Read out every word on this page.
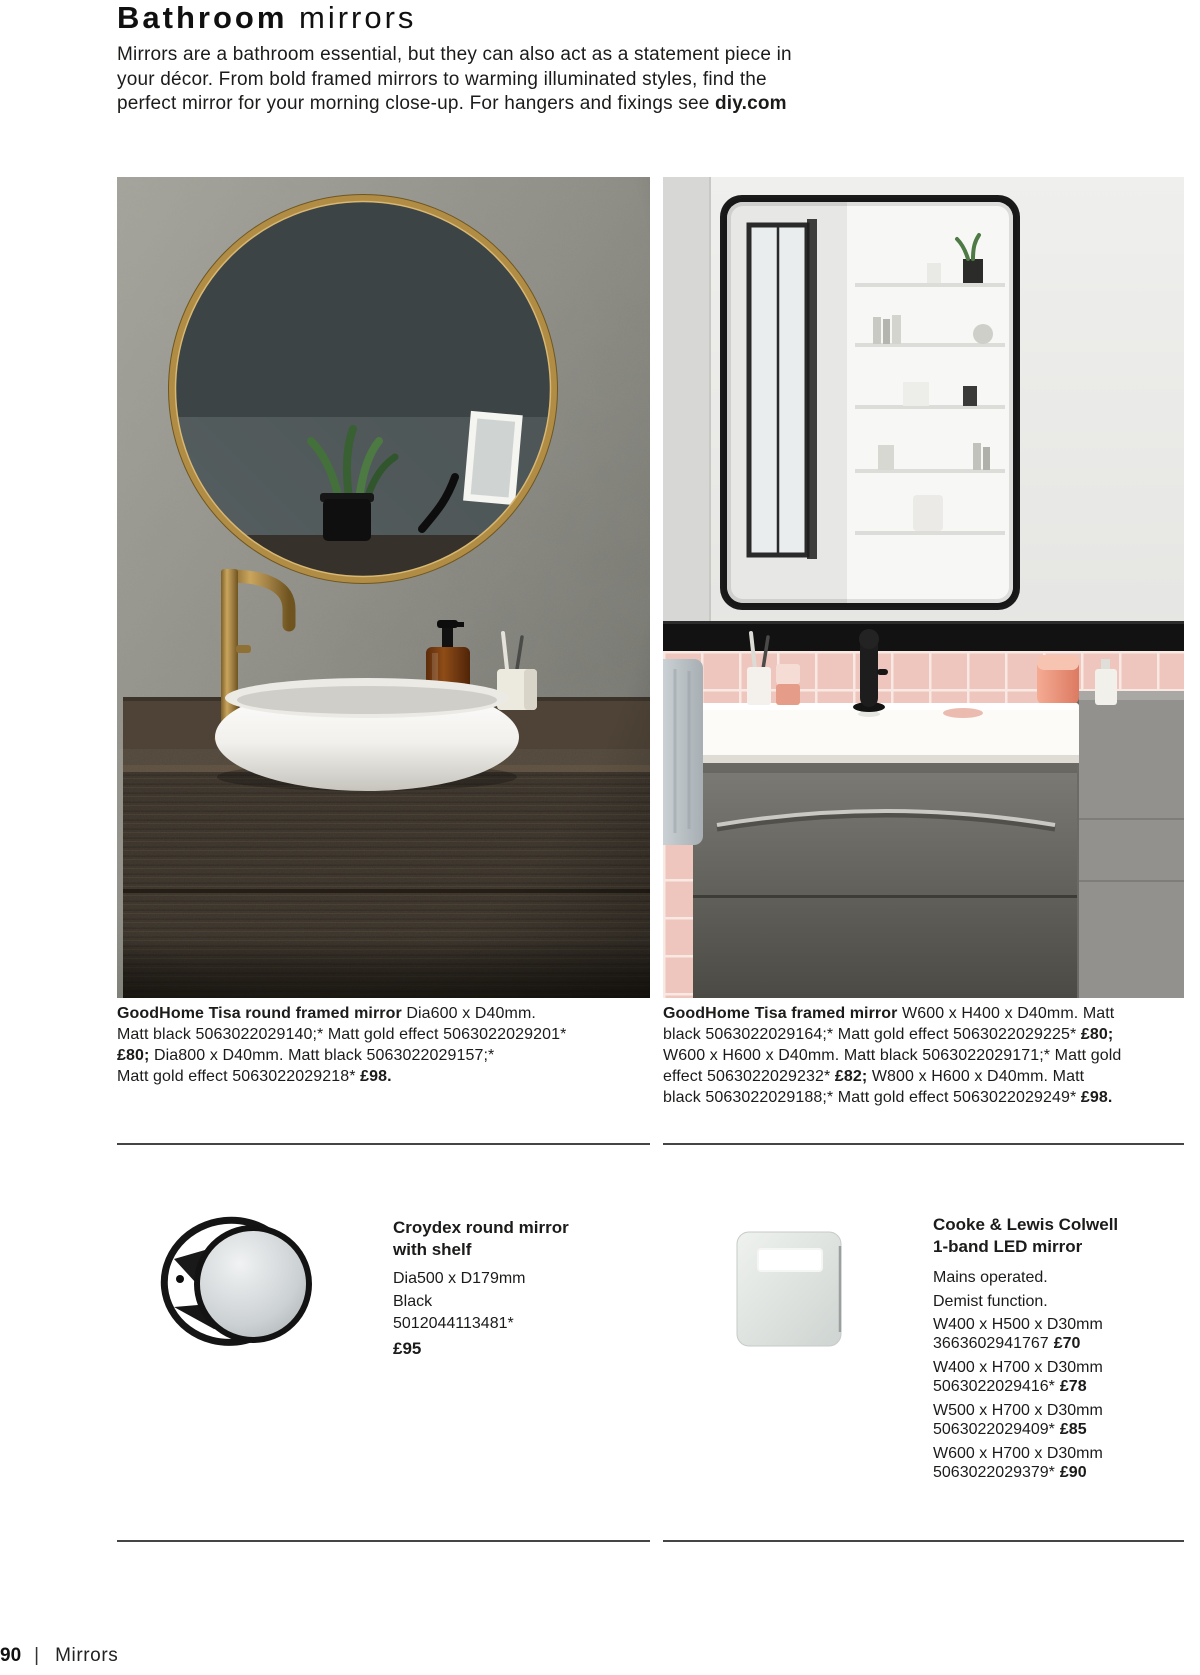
Bathroom mirrors

Mirrors are a bathroom essential, but they can also act as a statement piece in
your décor. From bold framed mirrors to warming illuminated styles, find the
perfect mirror for your morning close-up. For hangers and fixings see diy.com

GoodHome Tisa round framed mirror Dia600 x D40mm.
Matt black 5063022029140;* Matt gold effect 5063022029201*
£80; Dia800 x D40mm. Matt black 5063022029157;*
Matt gold effect 5063022029218* £98.

GoodHome Tisa framed mirror W600 x H400 x D40mm. Matt
black 5063022029164;* Matt gold effect 5063022029225* £80;
W600 x H600 x D40mm. Matt black 5063022029171;* Matt gold
effect 5063022029232* £82; W800 x H600 x D40mm. Matt
black 5063022029188;* Matt gold effect 5063022029249* £98.

Croydex round mirror
with shelf
Dia500 x D179mm
Black
5012044113481*
£95
Cooke & Lewis Colwell
1-band LED mirror
Mains operated.
Demist function.
W400 x H500 x D30mm
3663602941767 £70
W400 x H700 x D30mm
5063022029416* £78
W500 x H700 x D30mm
5063022029409* £85
W600 x H700 x D30mm
5063022029379* £90
90 | Mirrors
